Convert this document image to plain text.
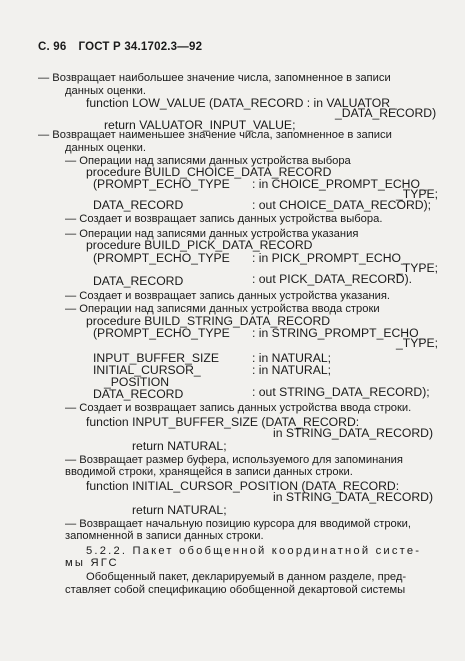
С. 96 ГОСТ Р 34.1702.3—92
— Возвращает наибольшее значение числа, запомненное в записи
данных оценки.
function LOW_VALUE (DATA_RECORD : in VALUATOR_
_DATA_RECORD)
return VALUATOR_INPUT_VALUE;
— Возвращает наименьшее значение числа, запомненное в записи
данных оценки.
— Операции над записями данных устройства выбора
procedure BUILD_CHOICE_DATA_RECORD
(PROMPT_ECHO_TYPE : in CHOICE_PROMPT_ECHO_
_TYPE;
DATA_RECORD	: out CHOICE_DATA_RECORD);
— Создает и возвращает запись данных устройства выбора.
— Операции над записями данных устройства указания
procedure BUILD_PICK_DATA_RECORD
(PROMPT_ECHO_TYPE : in PICK_PROMPT_ECHO_
_TYPE;
DATA_RECORD	: out PICK_DATA_RECORD).
— Создает и возвращает запись данных устройства указания.
— Операции над записями данных устройства ввода строки
procedure BUILD_STRING_DATA_RECORD
(PROMPT_ECHO_TYPE : in STRING_PROMPT_ECHO_
_TYPE;
INPUT_BUFFER_SIZE	: in NATURAL;
INITIAL_CURSOR_	: in NATURAL;
_POSITION
DATA_RECORD	: out STRING_DATA_RECORD);
— Создает и возвращает запись данных устройства ввода строки.
function INPUT_BUFFER_SIZE (DATA_RECORD:
in STRING_DATA_RECORD)
return NATURAL;
— Возвращает размер буфера, используемого для запоминания
вводимой строки, хранящейся в записи данных строки.
function INITIAL_CURSOR_POSITION (DATA_RECORD:
in STRING_DATA_RECORD)
return NATURAL;
— Возвращает начальную позицию курсора для вводимой строки,
запомненной в записи данных строки.
5.2.2. Пакет обобщенной координатной систе-
мы ЯГС
Обобщенный пакет, декларируемый в данном разделе, пред-
ставляет собой спецификацию обобщенной декартовой системы
